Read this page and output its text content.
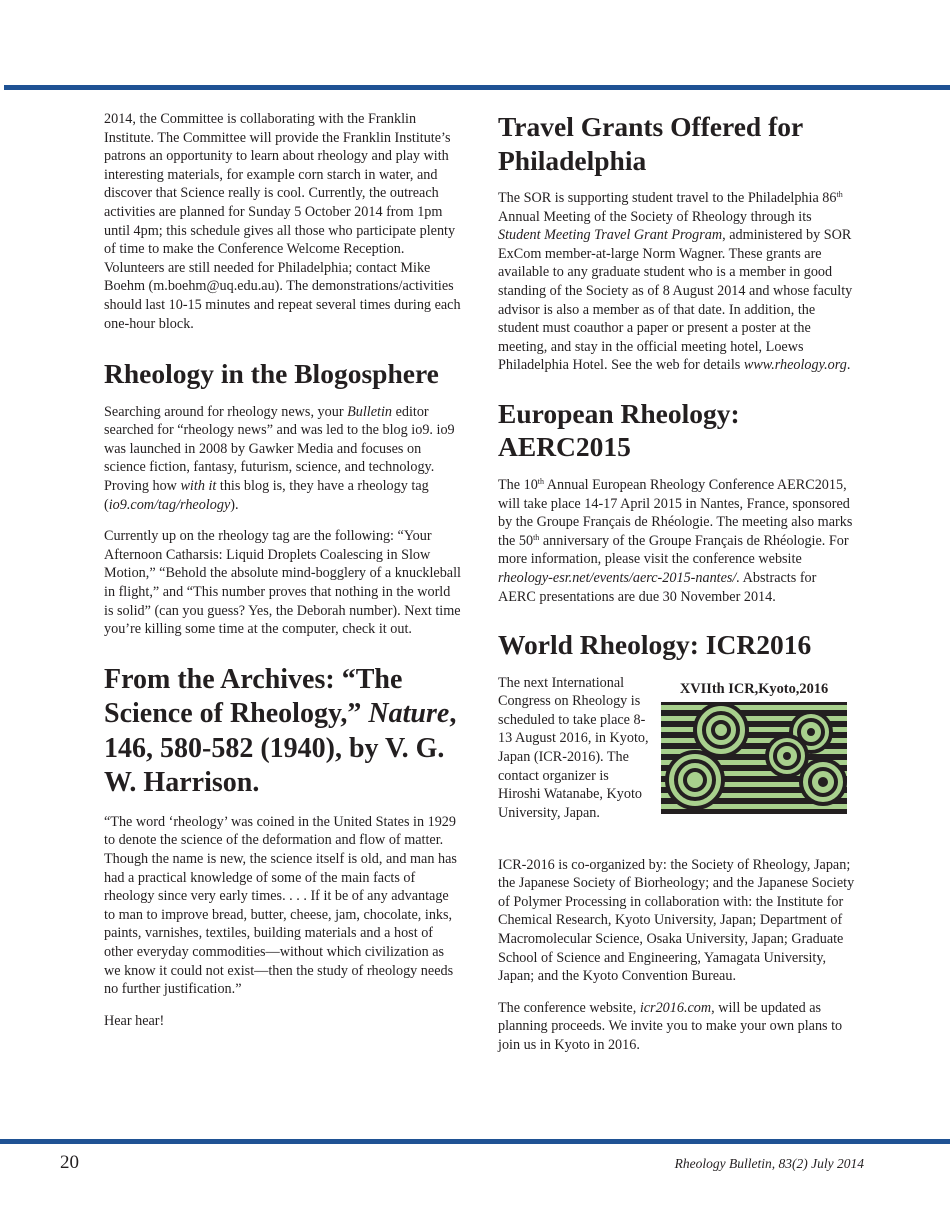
2014, the Committee is collaborating with the Franklin Institute. The Committee will provide the Franklin Institute’s patrons an opportunity to learn about rheology and play with interesting materials, for example corn starch in water, and discover that Science really is cool. Currently, the outreach activities are planned for Sunday 5 October 2014 from 1pm until 4pm; this schedule gives all those who participate plenty of time to make the Conference Welcome Reception. Volunteers are still needed for Philadelphia; contact Mike Boehm (m.boehm@uq.edu.au). The demonstrations/activities should last 10-15 minutes and repeat several times during each one-hour block.

Rheology in the Blogosphere

Searching around for rheology news, your Bulletin editor searched for “rheology news” and was led to the blog io9. io9 was launched in 2008 by Gawker Media and focuses on science fiction, fantasy, futurism, science, and technology. Proving how with it this blog is, they have a rheology tag (io9.com/tag/rheology).

Currently up on the rheology tag are the following: “Your Afternoon Catharsis: Liquid Droplets Coalescing in Slow Motion,” “Behold the absolute mind-bogglery of a knuckleball in flight,” and “This number proves that nothing in the world is solid” (can you guess? Yes, the Deborah number). Next time you’re killing some time at the computer, check it out.

From the Archives: “The Science of Rheology,” Nature, 146, 580-582 (1940), by V. G. W. Harrison.

“The word ‘rheology’ was coined in the United States in 1929 to denote the science of the deformation and flow of matter. Though the name is new, the science itself is old, and man has had a practical knowledge of some of the main facts of rheology since very early times. . . . If it be of any advantage to man to improve bread, butter, cheese, jam, chocolate, inks, paints, varnishes, textiles, building materials and a host of other everyday commodities—without which civilization as we know it could not exist—then the study of rheology needs no further justification.”

Hear hear!

Travel Grants Offered for Philadelphia

The SOR is supporting student travel to the Philadelphia 86th Annual Meeting of the Society of Rheology through its Student Meeting Travel Grant Program, administered by SOR ExCom member-at-large Norm Wagner. These grants are available to any graduate student who is a member in good standing of the Society as of 8 August 2014 and whose faculty advisor is also a member as of that date. In addition, the student must coauthor a paper or present a poster at the meeting, and stay in the official meeting hotel, Loews Philadelphia Hotel. See the web for details www.rheology.org.

European Rheology: AERC2015

The 10th Annual European Rheology Conference AERC2015, will take place 14-17 April 2015 in Nantes, France, sponsored by the Groupe Français de Rhéologie. The meeting also marks the 50th anniversary of the Groupe Français de Rhéologie. For more information, please visit the conference website rheology-esr.net/events/aerc-2015-nantes/. Abstracts for AERC presentations are due 30 November 2014.

World Rheology: ICR2016

The next International Congress on Rheology is scheduled to take place 8-13 August 2016, in Kyoto, Japan (ICR-2016). The contact organizer is Hiroshi Watanabe, Kyoto University, Japan.

XVIIth ICR,Kyoto,2016

ICR-2016 is co-organized by: the Society of Rheology, Japan; the Japanese Society of Biorheology; and the Japanese Society of Polymer Processing in collaboration with: the Institute for Chemical Research, Kyoto University, Japan; Department of Macromolecular Science, Osaka University, Japan; Graduate School of Science and Engineering, Yamagata University, Japan; and the Kyoto Convention Bureau.

The conference website, icr2016.com, will be updated as planning proceeds. We invite you to make your own plans to join us in Kyoto in 2016.

20	Rheology Bulletin, 83(2) July 2014
